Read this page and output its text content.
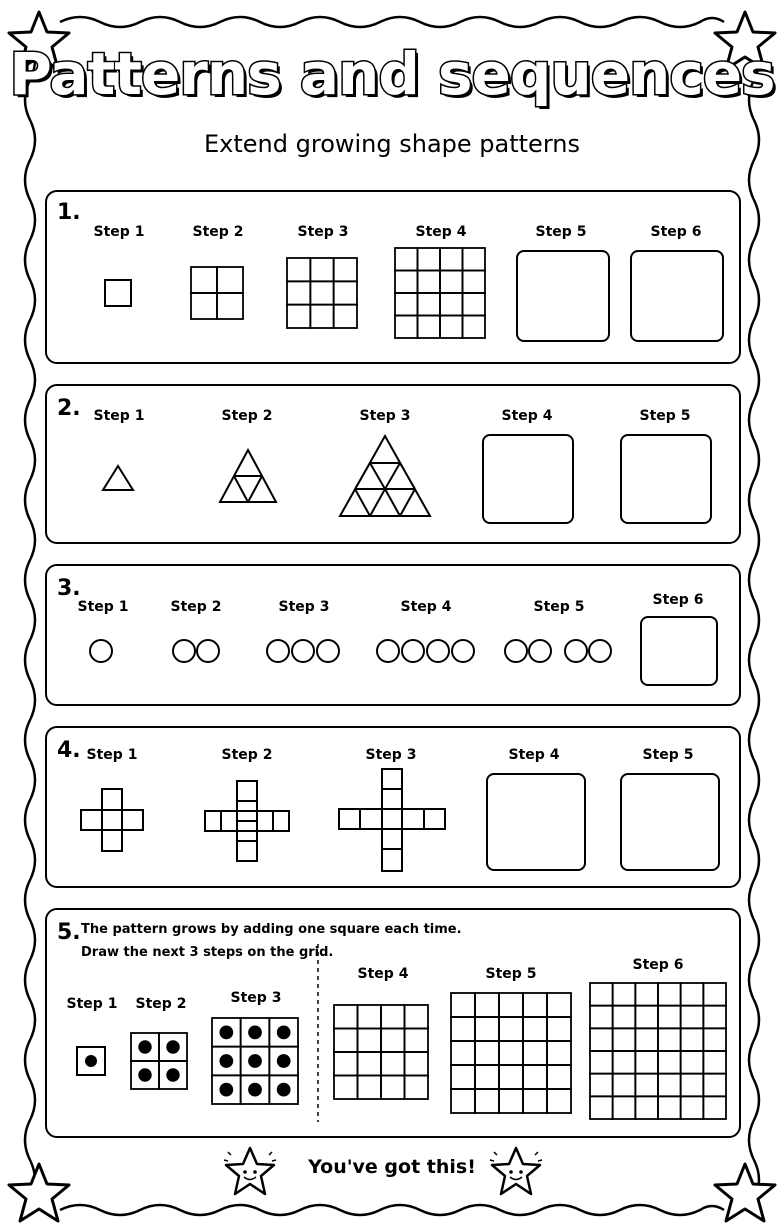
Patterns and sequences
Extend growing shape patterns
1.
Step 1	Step 2	Step 3	Step 4	Step 5	Step 6
2. Step 1	Step 2	Step 3	Step 4	Step 5
3.
Step 1	Step 2	Step 3	Step 4	Step 5	Step 6
4. Step 1	Step 2	Step 3	Step 4	Step 5
5. The pattern grows by adding one square each time.
Draw the next 3 steps on the grid.
Step 1	Step 2	Step 3
Step 4	Step 5
Step 6
You've got this!
